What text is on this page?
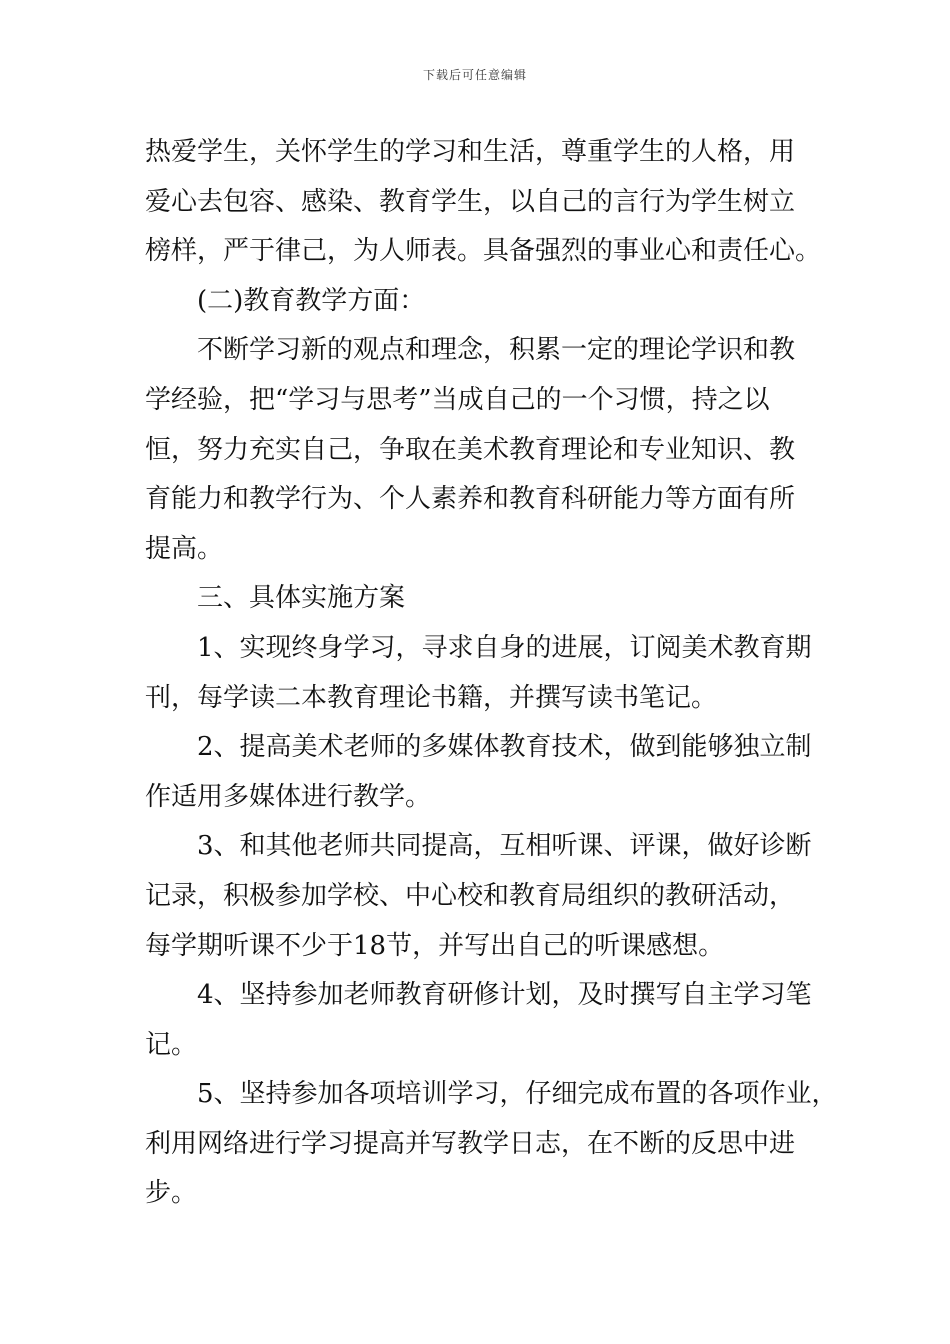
下载后可任意编辑
热爱学生，关怀学生的学习和生活，尊重学生的人格，用
爱心去包容、感染、教育学生，以自己的言行为学生树立
榜样，严于律己，为人师表。具备强烈的事业心和责任心。
(二)教育教学方面：
不断学习新的观点和理念，积累一定的理论学识和教
学经验，把“学习与思考”当成自己的一个习惯，持之以
恒，努力充实自己，争取在美术教育理论和专业知识、教
育能力和教学行为、个人素养和教育科研能力等方面有所
提高。
三、具体实施方案
1、实现终身学习，寻求自身的进展，订阅美术教育期
刊，每学读二本教育理论书籍，并撰写读书笔记。
2、提高美术老师的多媒体教育技术，做到能够独立制
作适用多媒体进行教学。
3、和其他老师共同提高，互相听课、评课，做好诊断
记录，积极参加学校、中心校和教育局组织的教研活动，
每学期听课不少于18节，并写出自己的听课感想。
4、坚持参加老师教育研修计划，及时撰写自主学习笔
记。
5、坚持参加各项培训学习，仔细完成布置的各项作业，
利用网络进行学习提高并写教学日志，在不断的反思中进
步。
